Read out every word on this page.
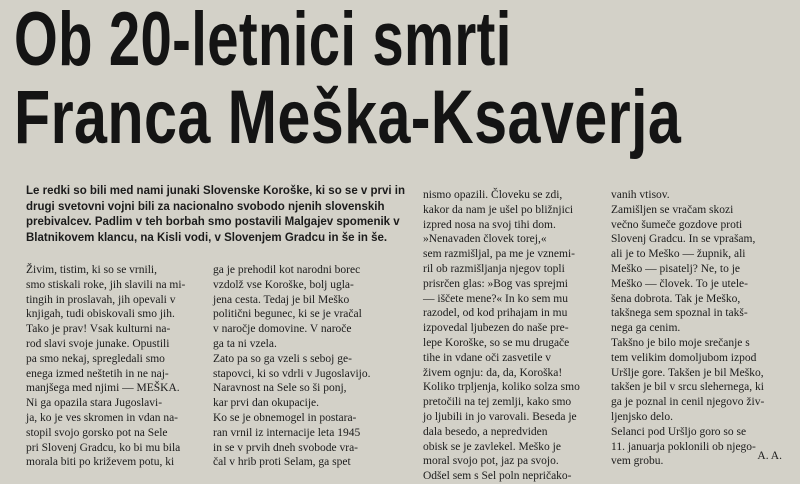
Ob 20-letnici smrti
Franca Meška-Ksaverja

Le redki so bili med nami junaki Slovenske Koroške, ki so se v prvi in drugi svetovni vojni bili za nacionalno svobodo njenih slovenskih prebivalcev. Padlim v teh borbah smo postavili Malgajev spomenik v Blatnikovem klancu, na Kisli vodi, v Slovenjem Gradcu in še in še.

Živim, tistim, ki so se vrnili,
smo stiskali roke, jih slavili na mi-
tingih in proslavah, jih opevali v
knjigah, tudi obiskovali smo jih.
Tako je prav! Vsak kulturni na-
rod slavi svoje junake. Opustili
pa smo nekaj, spregledali smo
enega izmed neštetih in ne naj-
manjšega med njimi — MEŠKA.
Ni ga opazila stara Jugoslavi-
ja, ko je ves skromen in vdan na-
stopil svojo gorsko pot na Sele
pri Slovenj Gradcu, ko bi mu bila
morala biti po križevem potu, ki

ga je prehodil kot narodni borec
vzdolž vse Koroške, bolj ugla-
jena cesta. Tedaj je bil Meško
politični begunec, ki se je vračal
v naročje domovine. V naroče
ga ta ni vzela.
Zato pa so ga vzeli s seboj ge-
stapovci, ki so vdrli v Jugoslavijo.
Naravnost na Sele so ši ponj,
kar prvi dan okupacije.
Ko se je obnemogel in postara-
ran vrnil iz internacije leta 1945
in se v prvih dneh svobode vra-
čal v hrib proti Selam, ga spet

nismo opazili. Človeku se zdi,
kakor da nam je ušel po bližnjici
izpred nosa na svoj tihi dom.
»Nenavaden človek torej,«
sem razmišljal, pa me je vznemi-
ril ob razmišljanja njegov topli
prisrčen glas: »Bog vas sprejmi
— iščete mene?« In ko sem mu
razodel, od kod prihajam in mu
izpovedal ljubezen do naše pre-
lepe Koroške, so se mu drugače
tihe in vdane oči zasvetile v
živem ognju: da, da, Koroška!
Koliko trpljenja, koliko solza smo
pretočili na tej zemlji, kako smo
jo ljubili in jo varovali. Beseda je
dala besedo, a nepredviden
obisk se je zavlekel. Meško je
moral svojo pot, jaz pa svojo.
Odšel sem s Sel poln nepričako-

vanih vtisov.
Zamišljen se vračam skozi
večno šumeče gozdove proti
Slovenj Gradcu. In se vprašam,
ali je to Meško — župnik, ali
Meško — pisatelj? Ne, to je
Meško — človek. To je utele-
šena dobrota. Tak je Meško,
takšnega sem spoznal in takš-
nega ga cenim.
Takšno je bilo moje srečanje s
tem velikim domoljubom izpod
Uršlje gore. Takšen je bil Meško,
takšen je bil v srcu slehernega, ki
ga je poznal in cenil njegovo živ-
ljenjsko delo.
Selanci pod Uršljo goro so se
11. januarja poklonili ob njego-
vem grobu.	A. A.
